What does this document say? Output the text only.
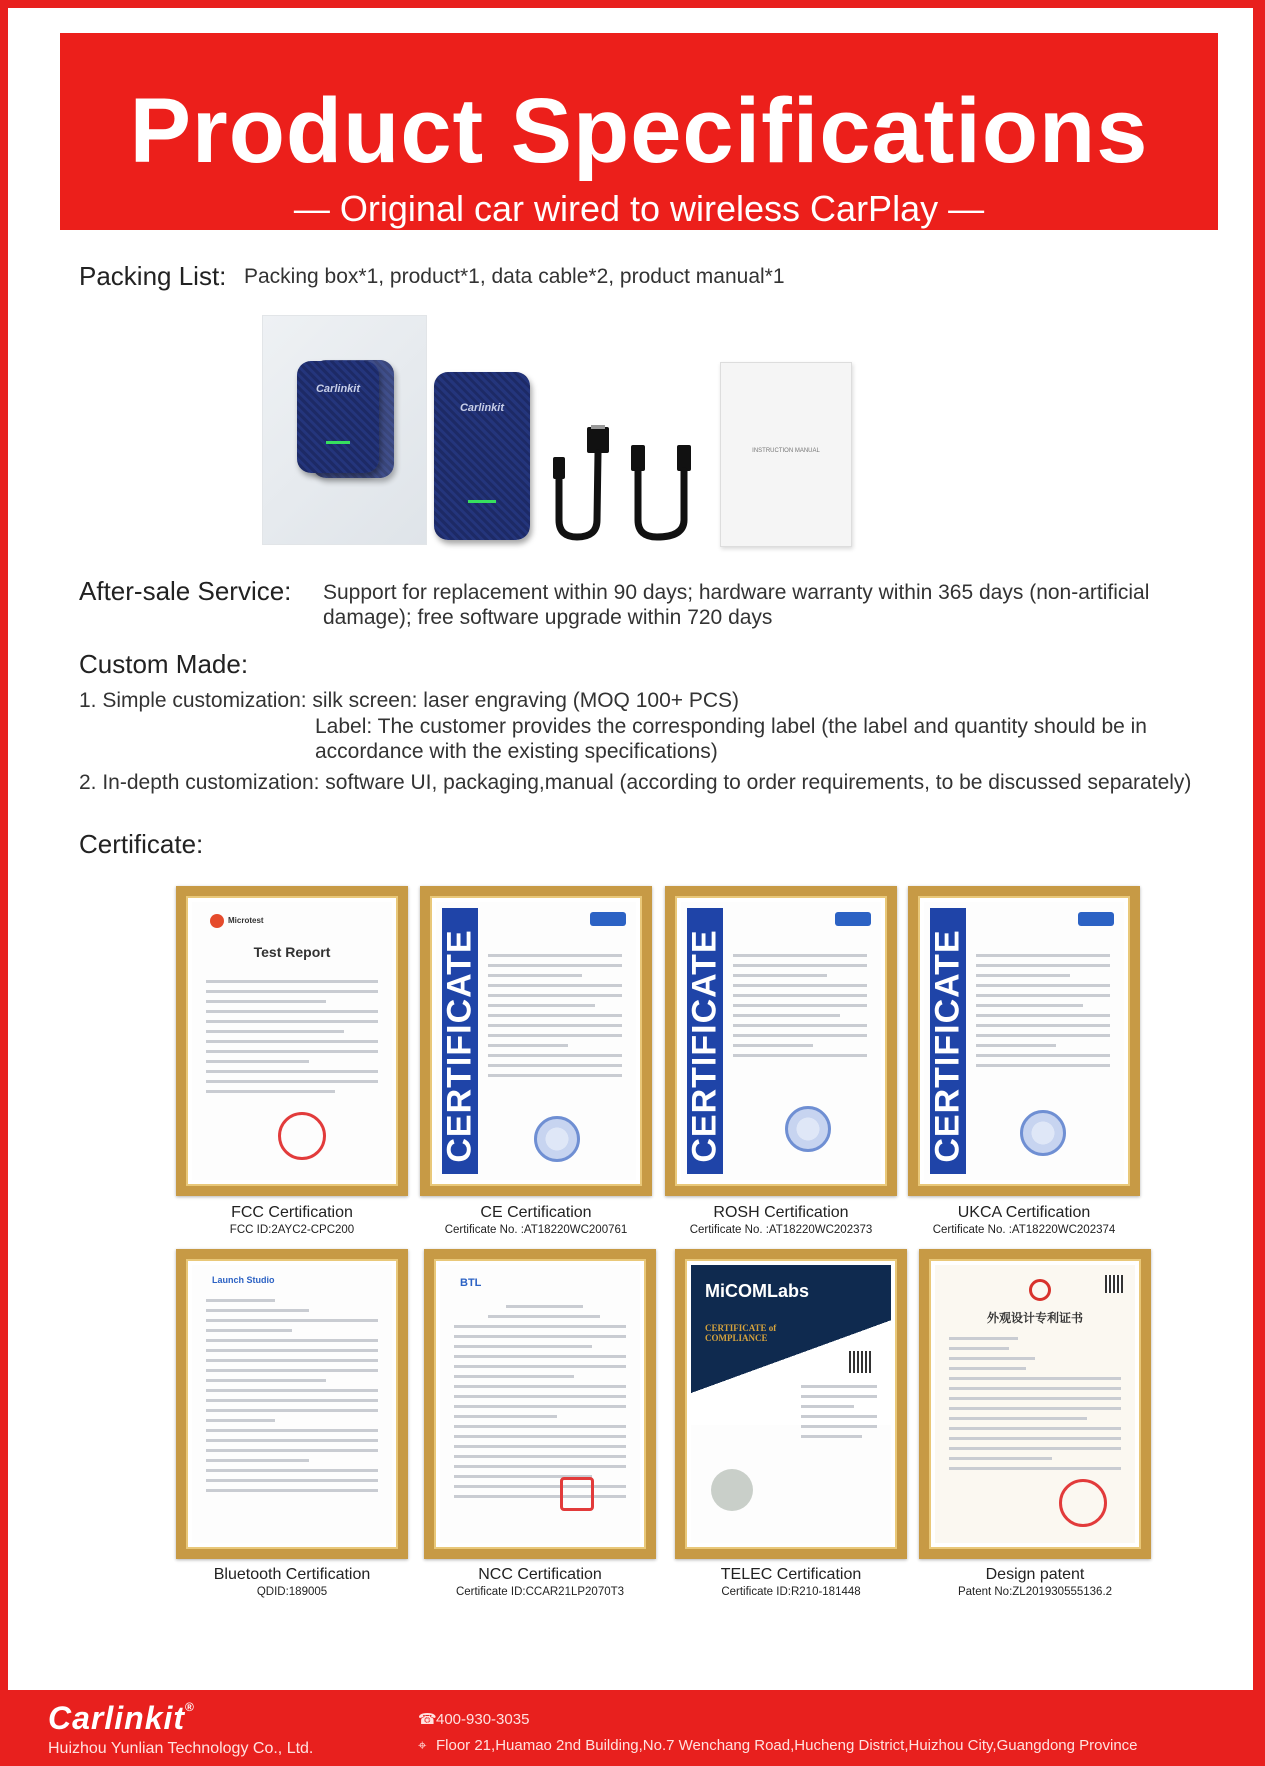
Product Specifications
— Original car wired to wireless CarPlay —
Packing List: Packing box*1, product*1, data cable*2, product manual*1
Carlinkit
Carlinkit
INSTRUCTION MANUAL
After-sale Service: Support for replacement within 90 days; hardware warranty within 365 days (non-artificial
damage); free software upgrade within 720 days
Custom Made:
1. Simple customization: silk screen: laser engraving (MOQ 100+ PCS)
Label: The customer provides the corresponding label (the label and quantity should be in
accordance with the existing specifications)
2. In-depth customization: software UI, packaging,manual (according to order requirements, to be discussed separately)
Certificate:
Microtest
Test Report	CERTIFICATE	CERTIFICATE	CERTIFICATE
FCC Certification
FCC ID:2AYC2-CPC200
CE Certification
Certificate No. :AT18220WC200761
ROSH Certification
Certificate No. :AT18220WC202373
UKCA Certification
Certificate No. :AT18220WC202374
Launch Studio	BTL	MiCOMLabs
CERTIFICATE of COMPLIANCE
外观设计专利证书
Bluetooth Certification
QDID:189005
NCC Certification
Certificate ID:CCAR21LP2070T3
TELEC Certification
Certificate ID:R210-181448
Design patent
Patent No:ZL201930555136.2
Carlinkit®
Huizhou Yunlian Technology Co., Ltd.
☎400-930-3035
⌖ Floor 21,Huamao 2nd Building,No.7 Wenchang Road,Hucheng District,Huizhou City,Guangdong Province
